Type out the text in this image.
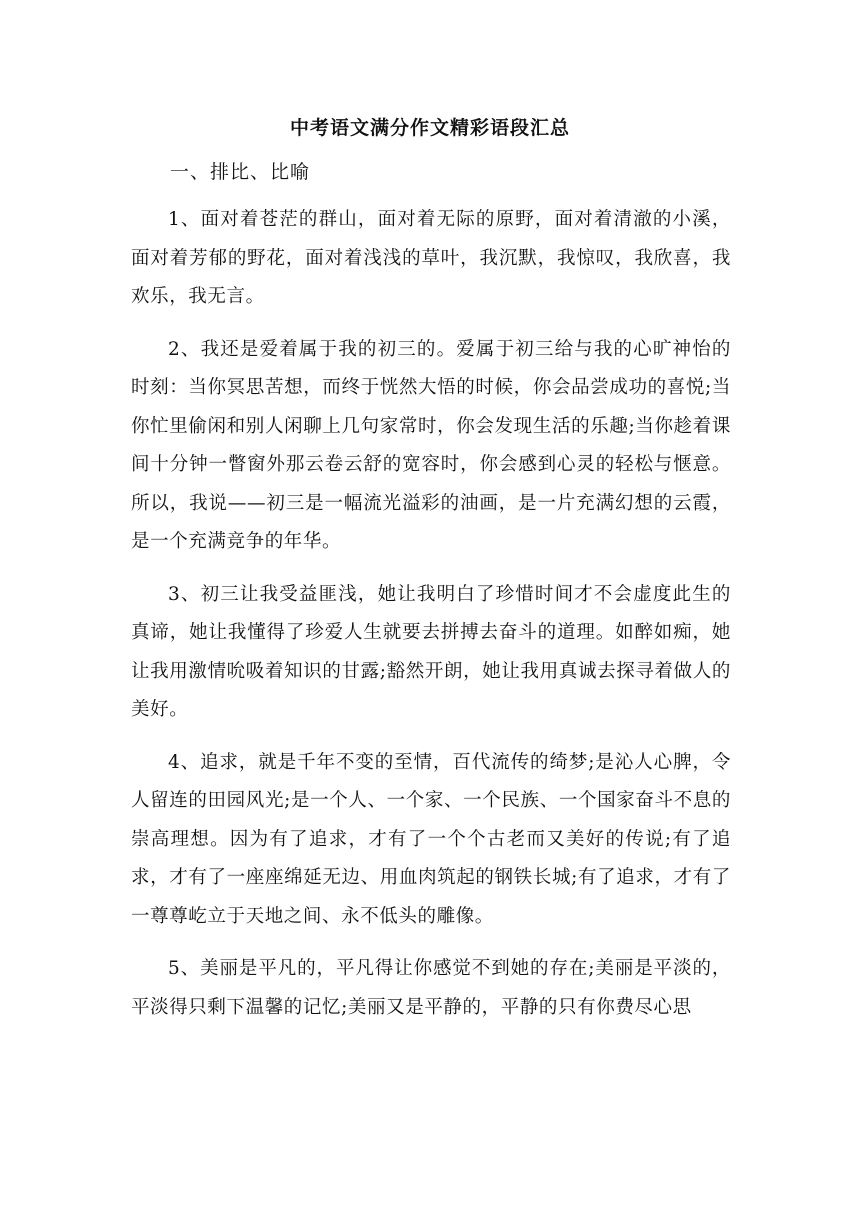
中考语文满分作文精彩语段汇总
一、排比、比喻

1、面对着苍茫的群山，面对着无际的原野，面对着清澈的小溪，面对着芳郁的野花，面对着浅浅的草叶，我沉默，我惊叹，我欣喜，我欢乐，我无言。

2、我还是爱着属于我的初三的。爱属于初三给与我的心旷神怡的时刻：当你冥思苦想，而终于恍然大悟的时候，你会品尝成功的喜悦;当你忙里偷闲和别人闲聊上几句家常时，你会发现生活的乐趣;当你趁着课间十分钟一瞥窗外那云卷云舒的宽容时，你会感到心灵的轻松与惬意。所以，我说——初三是一幅流光溢彩的油画，是一片充满幻想的云霞，是一个充满竞争的年华。

3、初三让我受益匪浅，她让我明白了珍惜时间才不会虚度此生的真谛，她让我懂得了珍爱人生就要去拼搏去奋斗的道理。如醉如痴，她让我用激情吮吸着知识的甘露;豁然开朗，她让我用真诚去探寻着做人的美好。

4、追求，就是千年不变的至情，百代流传的绮梦;是沁人心脾，令人留连的田园风光;是一个人、一个家、一个民族、一个国家奋斗不息的崇高理想。因为有了追求，才有了一个个古老而又美好的传说;有了追求，才有了一座座绵延无边、用血肉筑起的钢铁长城;有了追求，才有了一尊尊屹立于天地之间、永不低头的雕像。

5、美丽是平凡的，平凡得让你感觉不到她的存在;美丽是平淡的，平淡得只剩下温馨的记忆;美丽又是平静的，平静的只有你费尽心思
